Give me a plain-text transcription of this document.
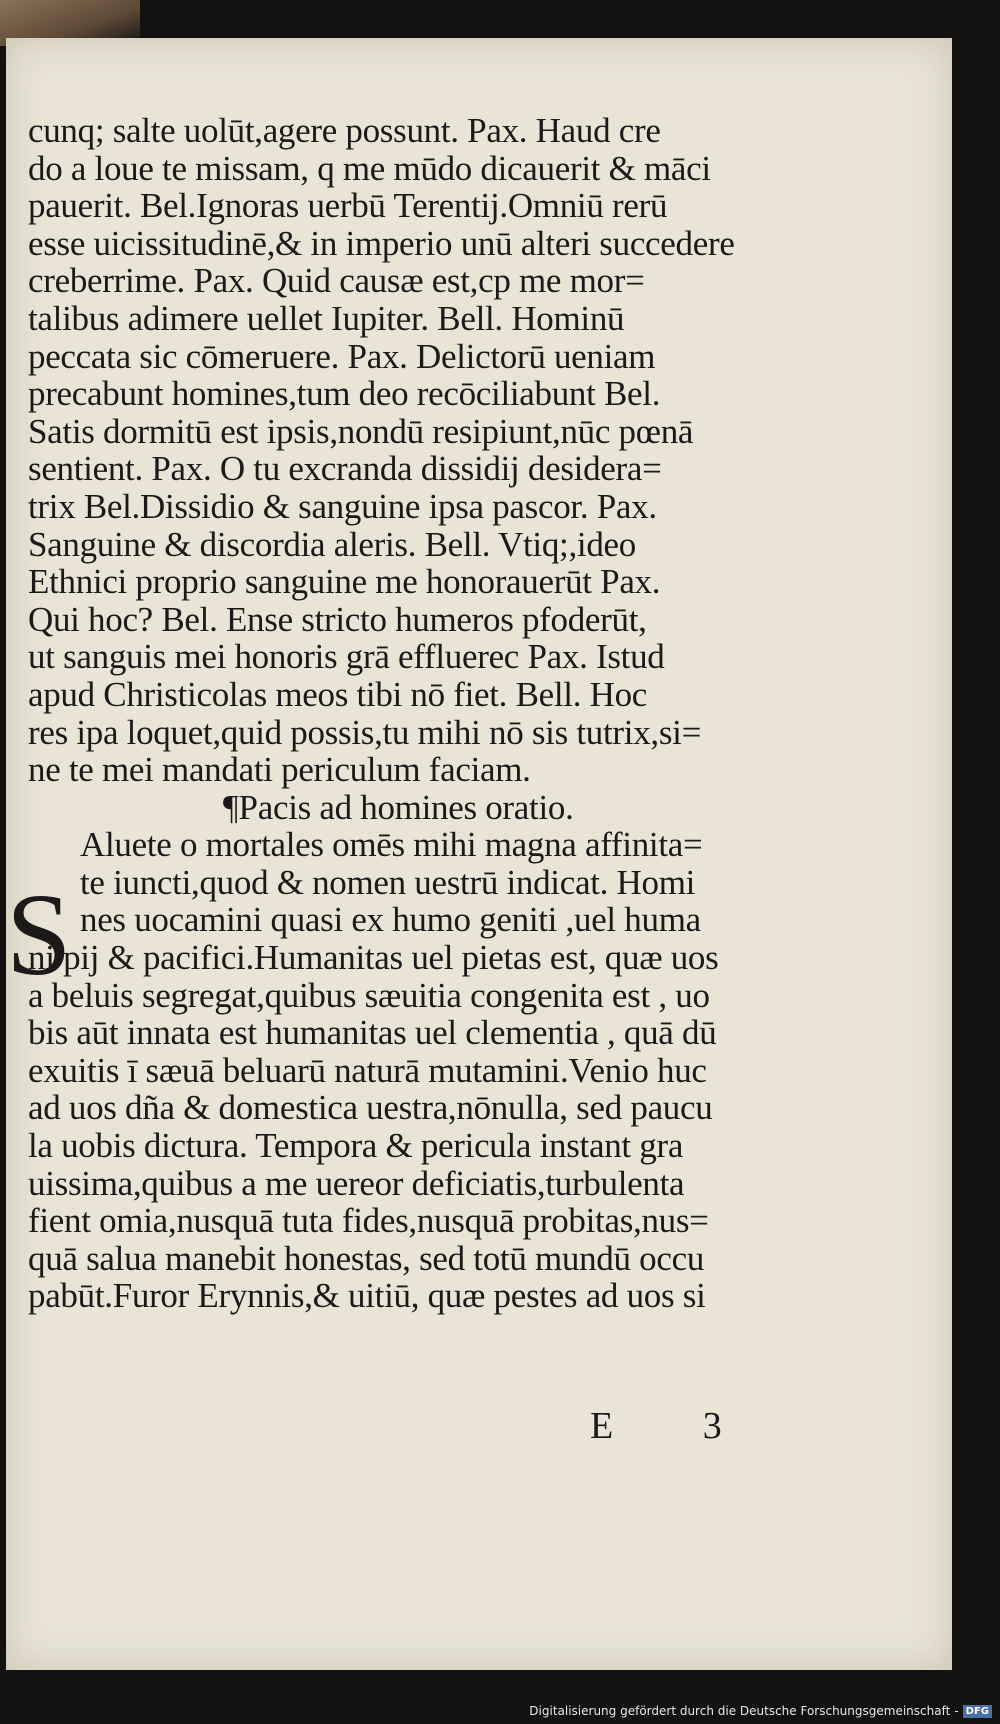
cunq; salte uolūt,agere possunt. Pax. Haud cre
do a loue te missam, q me mūdo dicauerit & māci
pauerit. Bel.Ignoras uerbū Terentij.Omniū rerū
esse uicissitudinē,& in imperio unū alteri succedere
creberrime. Pax. Quid causæ est,cp me mor=
talibus adimere uellet Iupiter. Bell. Hominū
peccata sic cōmeruere. Pax. Delictorū ueniam
precabunt homines,tum deo recōciliabunt Bel.
Satis dormitū est ipsis,nondū resipiunt,nūc pœnā
sentient. Pax. O tu excranda dissidij desidera=
trix Bel.Dissidio & sanguine ipsa pascor. Pax.
Sanguine & discordia aleris. Bell. Vtiq;,ideo
Ethnici proprio sanguine me honorauerūt Pax.
Qui hoc? Bel. Ense stricto humeros pfoderūt,
ut sanguis mei honoris grā effluerec Pax. Istud
apud Christicolas meos tibi nō fiet. Bell. Hoc
res ipa loquet,quid possis,tu mihi nō sis tutrix,si=
ne te mei mandati periculum faciam.
¶Pacis ad homines oratio.
Aluete o mortales omēs mihi magna affinita=
te iuncti,quod & nomen uestrū indicat. Homi
nes uocamini quasi ex humo geniti ,uel huma
ni pij & pacifici.Humanitas uel pietas est, quæ uos
a beluis segregat,quibus sæuitia congenita est , uo
bis aūt innata est humanitas uel clementia , quā dū
exuitis ī sæuā beluarū naturā mutamini.Venio huc
ad uos dña & domestica uestra,nōnulla, sed paucu
la uobis dictura. Tempora & pericula instant gra
uissima,quibus a me uereor deficiatis,turbulenta
fient omia,nusquā tuta fides,nusquā probitas,nus=
quā salua manebit honestas, sed totū mundū occu
pabūt.Furor Erynnis,& uitiū, quæ pestes ad uos si
S
E 3
Digitalisierung gefördert durch die Deutsche Forschungsgemeinschaft - DFG
